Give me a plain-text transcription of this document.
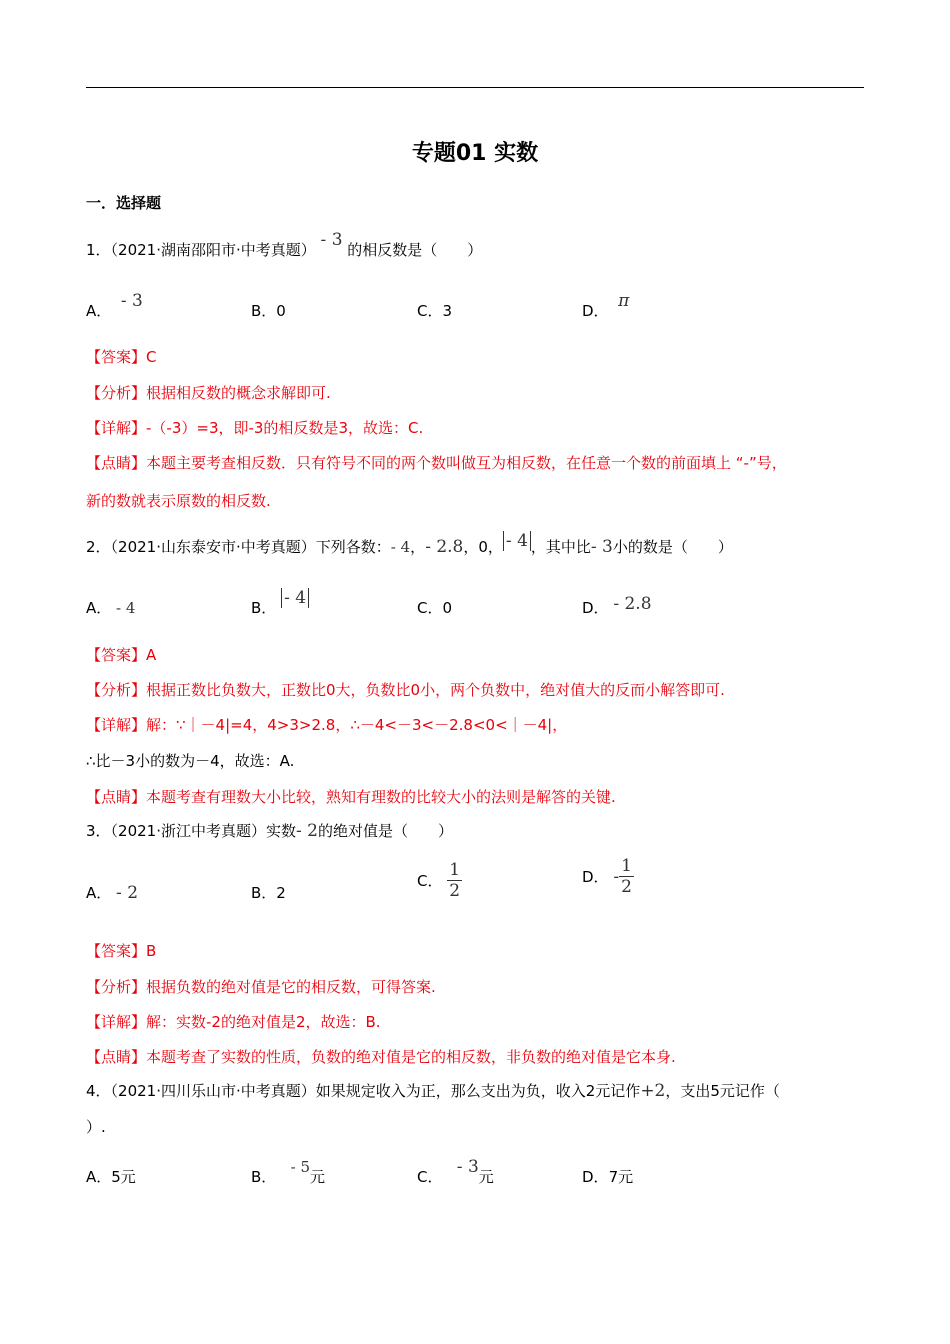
专题01 实数
一．选择题
1．（2021·湖南邵阳市·中考真题） - 3 的相反数是（　　）
A． - 3	B．0	C．3	D． π
【答案】C
【分析】根据相反数的概念求解即可.
【详解】-（-3）=3，即-3的相反数是3，故选：C.
【点睛】本题主要考查相反数．只有符号不同的两个数叫做互为相反数，在任意一个数的前面填上 “-”号，
新的数就表示原数的相反数.
2．（2021·山东泰安市·中考真题）下列各数：- 4，- 2.8，0， - 4 ，其中比- 3小的数是（　　）
A． - 4	B． - 4	C．0	D． - 2.8
【答案】A
【分析】根据正数比负数大，正数比0大，负数比0小，两个负数中，绝对值大的反而小解答即可.
【详解】解：∵｜－4|=4，4>3>2.8，∴－4<－3<－2.8<0<｜－4|，
∴比－3小的数为－4，故选：A.
【点睛】本题考查有理数大小比较，熟知有理数的比较大小的法则是解答的关键.
3．（2021·浙江中考真题）实数- 2的绝对值是（　　）
A． - 2	B．2
C． $\frac{1}{2}$	D． - $\frac{1}{2}$
【答案】B
【分析】根据负数的绝对值是它的相反数，可得答案.
【详解】解：实数-2的绝对值是2，故选：B.
【点睛】本题考查了实数的性质，负数的绝对值是它的相反数，非负数的绝对值是它本身.
4．（2021·四川乐山市·中考真题）如果规定收入为正，那么支出为负，收入2元记作+2，支出5元记作（
）.
A．5元	B．   - 5元	C． - 3元	D．7元
